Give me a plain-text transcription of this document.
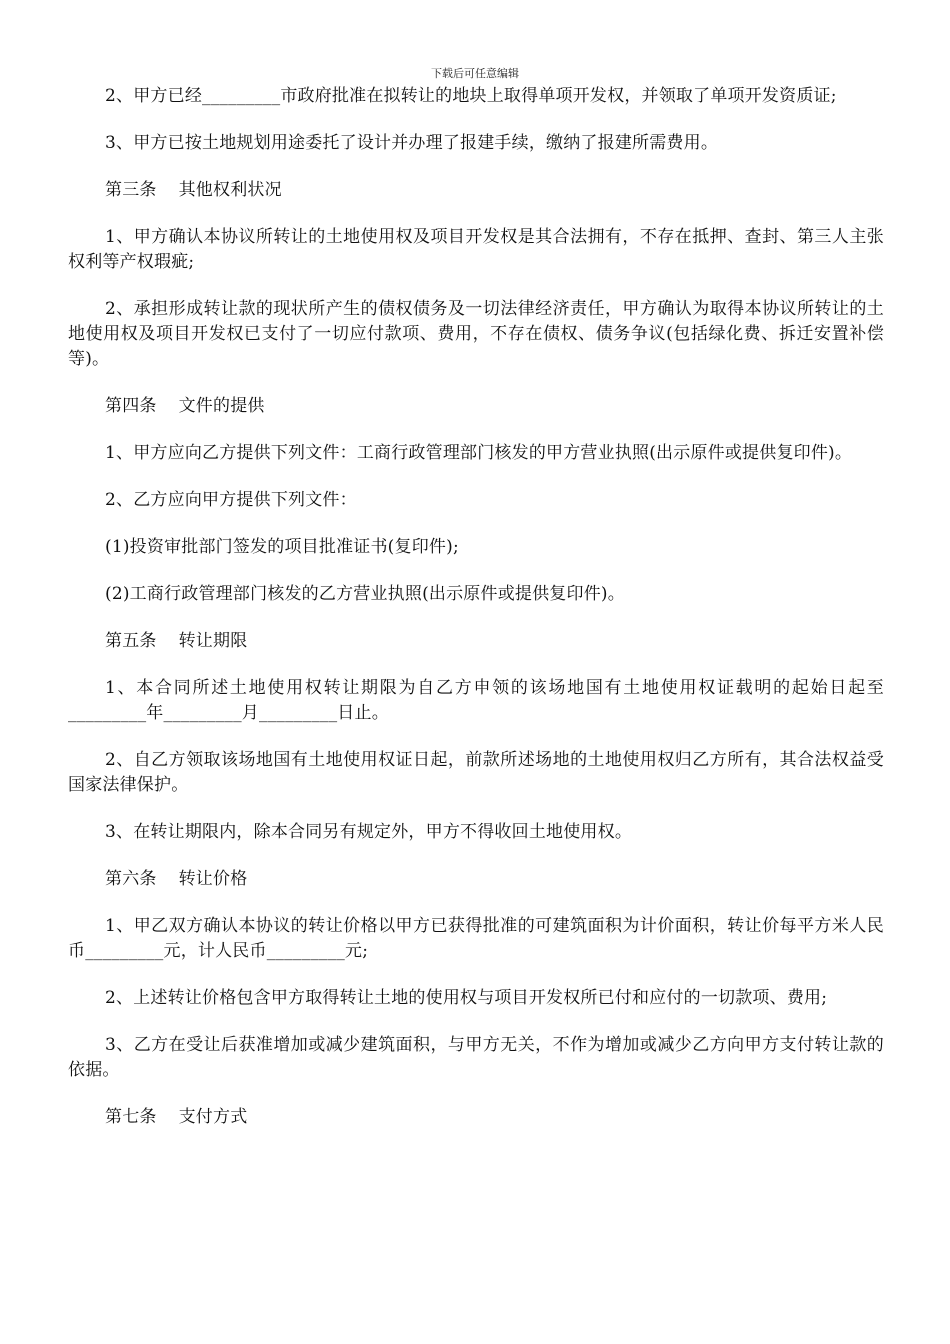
下载后可任意编辑

2、甲方已经_________市政府批准在拟转让的地块上取得单项开发权，并领取了单项开发资质证;

3、甲方已按土地规划用途委托了设计并办理了报建手续，缴纳了报建所需费用。

第三条 其他权利状况

1、甲方确认本协议所转让的土地使用权及项目开发权是其合法拥有，不存在抵押、查封、第三人主张权利等产权瑕疵;

2、承担形成转让款的现状所产生的债权债务及一切法律经济责任，甲方确认为取得本协议所转让的土地使用权及项目开发权已支付了一切应付款项、费用，不存在债权、债务争议(包括绿化费、拆迁安置补偿等)。

第四条 文件的提供

1、甲方应向乙方提供下列文件：工商行政管理部门核发的甲方营业执照(出示原件或提供复印件)。

2、乙方应向甲方提供下列文件：

(1)投资审批部门签发的项目批准证书(复印件);

(2)工商行政管理部门核发的乙方营业执照(出示原件或提供复印件)。

第五条 转让期限

1、本合同所述土地使用权转让期限为自乙方申领的该场地国有土地使用权证载明的起始日起至_________年_________月_________日止。

2、自乙方领取该场地国有土地使用权证日起，前款所述场地的土地使用权归乙方所有，其合法权益受国家法律保护。

3、在转让期限内，除本合同另有规定外，甲方不得收回土地使用权。

第六条 转让价格

1、甲乙双方确认本协议的转让价格以甲方已获得批准的可建筑面积为计价面积，转让价每平方米人民币_________元，计人民币_________元;

2、上述转让价格包含甲方取得转让土地的使用权与项目开发权所已付和应付的一切款项、费用;

3、乙方在受让后获准增加或减少建筑面积，与甲方无关，不作为增加或减少乙方向甲方支付转让款的依据。

第七条 支付方式
